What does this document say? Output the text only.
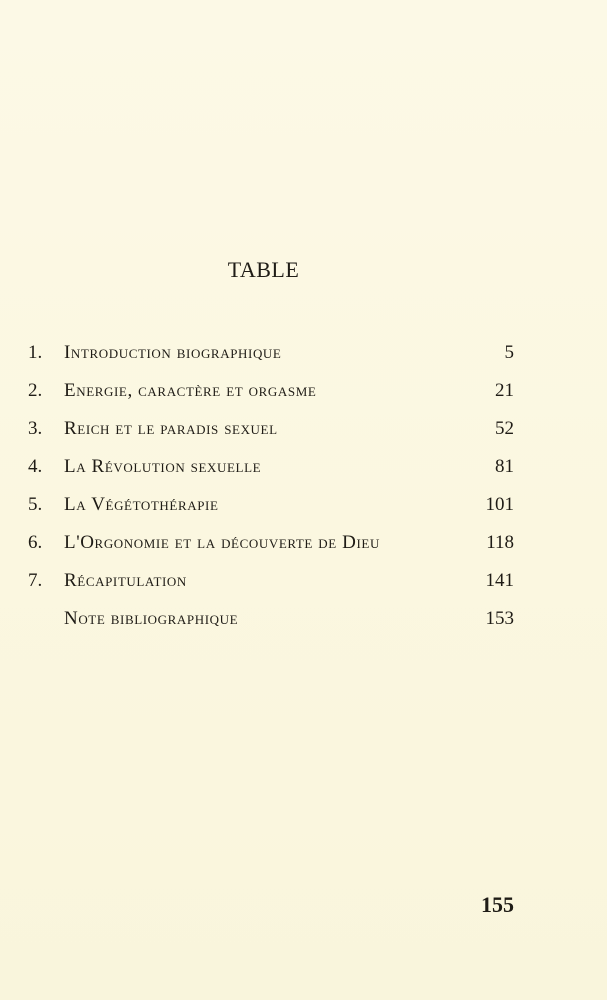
TABLE
1.	Introduction biographique	5
2.	Energie, caractère et orgasme	21
3.	Reich et le paradis sexuel	52
4.	La Révolution sexuelle	81
5.	La Végétothérapie	101
6.	L'Orgonomie et la découverte de Dieu	118
7.	Récapitulation	141
Note bibliographique	153
155
